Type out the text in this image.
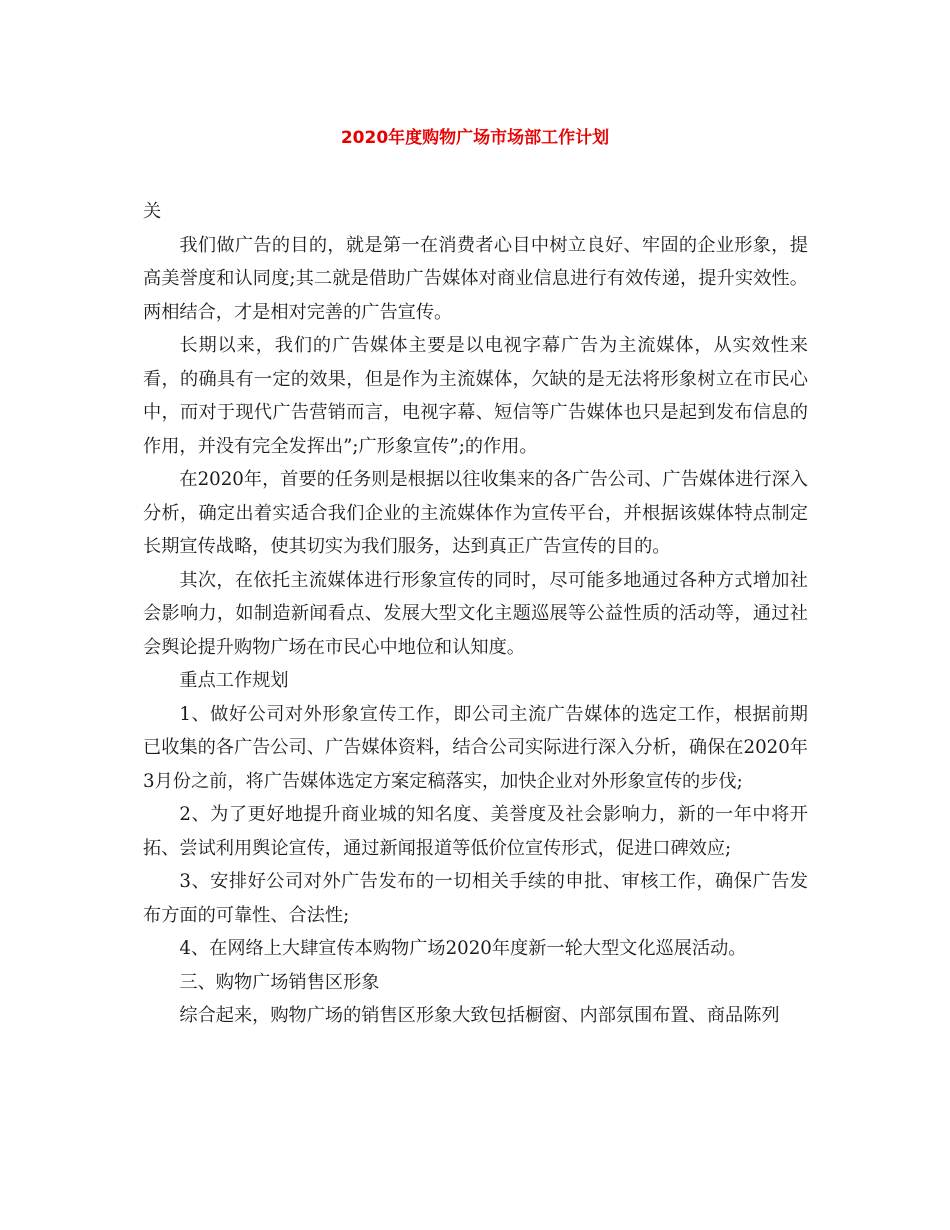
2020年度购物广场市场部工作计划

关

我们做广告的目的，就是第一在消费者心目中树立良好、牢固的企业形象，提高美誉度和认同度;其二就是借助广告媒体对商业信息进行有效传递，提升实效性。两相结合，才是相对完善的广告宣传。

长期以来，我们的广告媒体主要是以电视字幕广告为主流媒体，从实效性来看，的确具有一定的效果，但是作为主流媒体，欠缺的是无法将形象树立在市民心中，而对于现代广告营销而言，电视字幕、短信等广告媒体也只是起到发布信息的作用，并没有完全发挥出”;广形象宣传”;的作用。

在2020年，首要的任务则是根据以往收集来的各广告公司、广告媒体进行深入分析，确定出着实适合我们企业的主流媒体作为宣传平台，并根据该媒体特点制定长期宣传战略，使其切实为我们服务，达到真正广告宣传的目的。

其次，在依托主流媒体进行形象宣传的同时，尽可能多地通过各种方式增加社会影响力，如制造新闻看点、发展大型文化主题巡展等公益性质的活动等，通过社会舆论提升购物广场在市民心中地位和认知度。

重点工作规划

1、做好公司对外形象宣传工作，即公司主流广告媒体的选定工作，根据前期已收集的各广告公司、广告媒体资料，结合公司实际进行深入分析，确保在2020年3月份之前，将广告媒体选定方案定稿落实，加快企业对外形象宣传的步伐;

2、为了更好地提升商业城的知名度、美誉度及社会影响力，新的一年中将开拓、尝试利用舆论宣传，通过新闻报道等低价位宣传形式，促进口碑效应;

3、安排好公司对外广告发布的一切相关手续的申批、审核工作，确保广告发布方面的可靠性、合法性;

4、在网络上大肆宣传本购物广场2020年度新一轮大型文化巡展活动。

三、购物广场销售区形象

综合起来，购物广场的销售区形象大致包括橱窗、内部氛围布置、商品陈列
